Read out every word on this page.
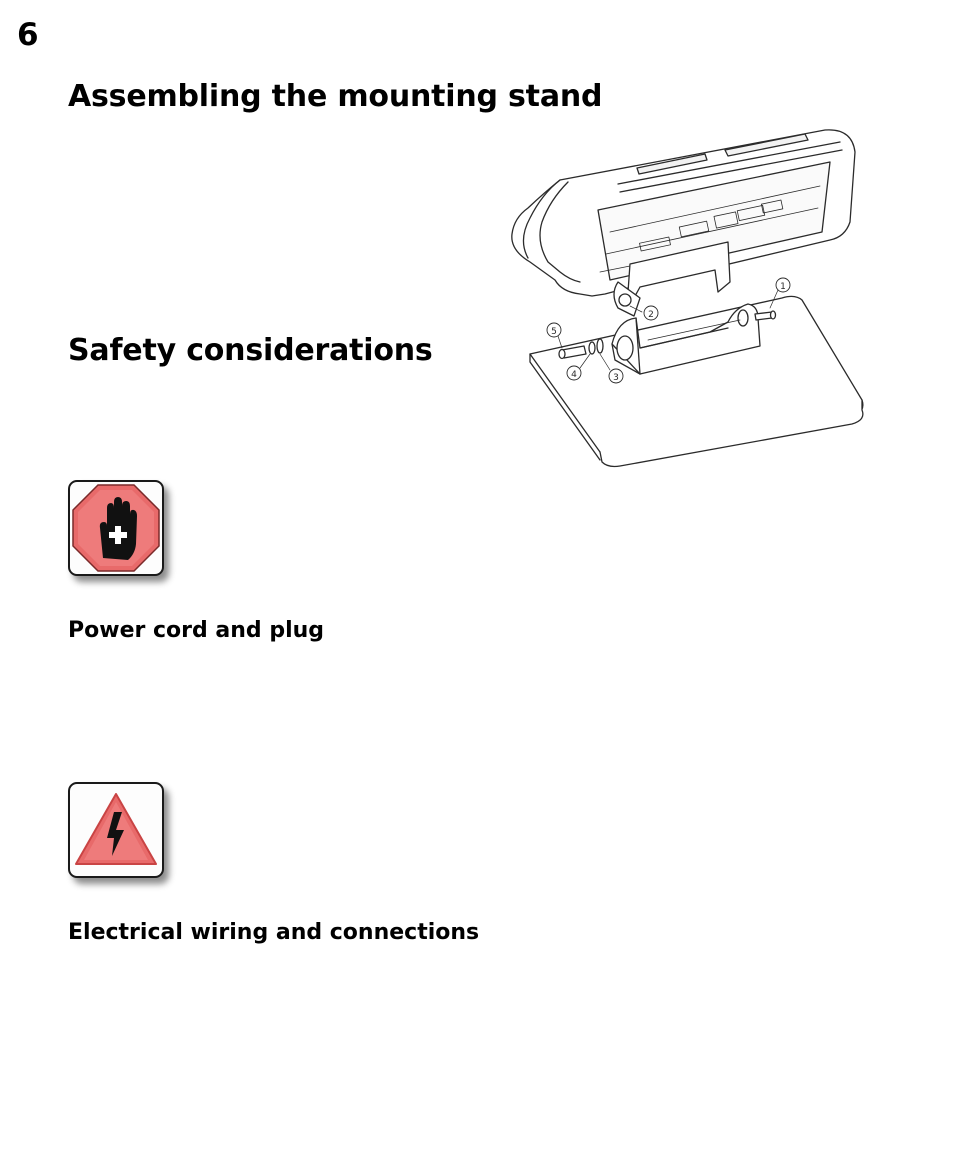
6
Assembling the mounting stand
1
2
3
4
5
Safety considerations
Power cord and plug
Electrical wiring and connections
